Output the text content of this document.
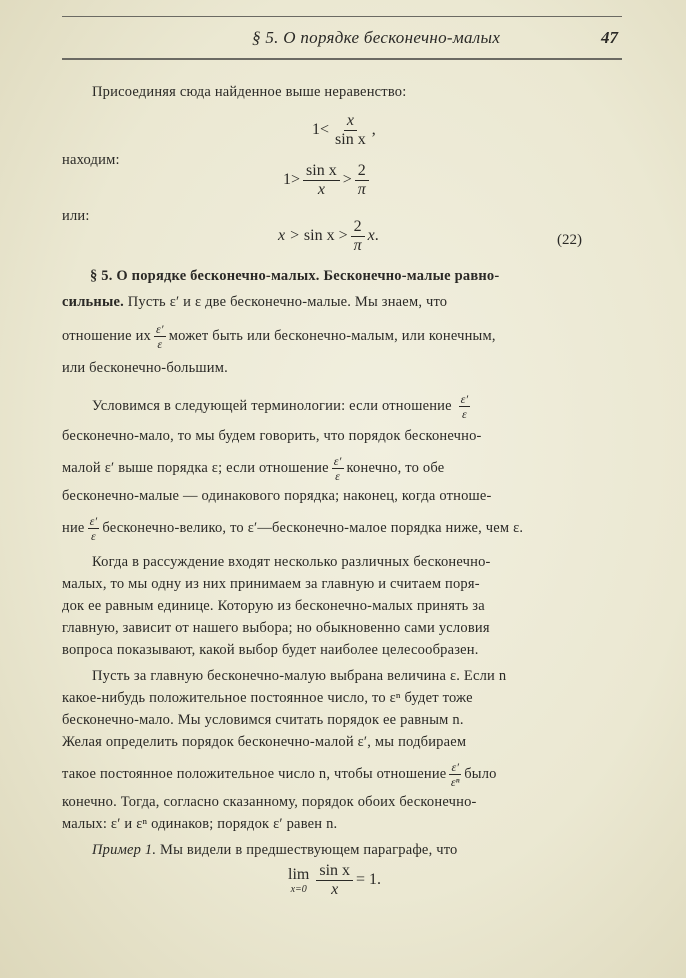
§ 5. О порядке бесконечно-малых	47
Присоединяя сюда найденное выше неравенство:
$1< \frac{x}{\text{sin x}}$ ,
находим:
$1> \frac{\text{sin x}}{x} > \frac{2}{\pi}$
или:
$x > \sin x > \frac{2}{\pi} x$.	(22)
§ 5. О порядке бесконечно-малых. Бесконечно-малые равно-
сильные. Пусть ε′ и ε две бесконечно-малые. Мы знаем, что
отношение их $\frac{\varepsilon'}{\varepsilon}$ может быть или бесконечно-малым, или конечным,
или бесконечно-большим.
Условимся в следующей терминологии: если отношение $\frac{\varepsilon'}{\varepsilon}$
бесконечно-мало, то мы будем говорить, что порядок бесконечно-
малой ε′ выше порядка ε; если отношение $\frac{\varepsilon'}{\varepsilon}$ конечно, то обе
бесконечно-малые — одинакового порядка; наконец, когда отноше-
ние $\frac{\varepsilon'}{\varepsilon}$ бесконечно-велико, то ε′—бесконечно-малое порядка ниже, чем ε.
Когда в рассуждение входят несколько различных бесконечно-
малых, то мы одну из них принимаем за главную и считаем поря-
док ее равным единице. Которую из бесконечно-малых принять за
главную, зависит от нашего выбора; но обыкновенно сами условия
вопроса показывают, какой выбор будет наиболее целесообразен.
Пусть за главную бесконечно-малую выбрана величина ε. Если n
какое-нибудь положительное постоянное число, то εⁿ будет тоже
бесконечно-мало. Мы условимся считать порядок ее равным n.
Желая определить порядок бесконечно-малой ε′, мы подбираем
такое постоянное положительное число n, чтобы отношение $\frac{\varepsilon'}{\text{εⁿ}}$ было
конечно. Тогда, согласно сказанному, порядок обоих бесконечно-
малых: ε′ и εⁿ одинаков; порядок ε′ равен n.
Пример 1. Мы видели в предшествующем параграфе, что
lim
x=0
$\frac{\text{sin x}}{x} = 1$.
